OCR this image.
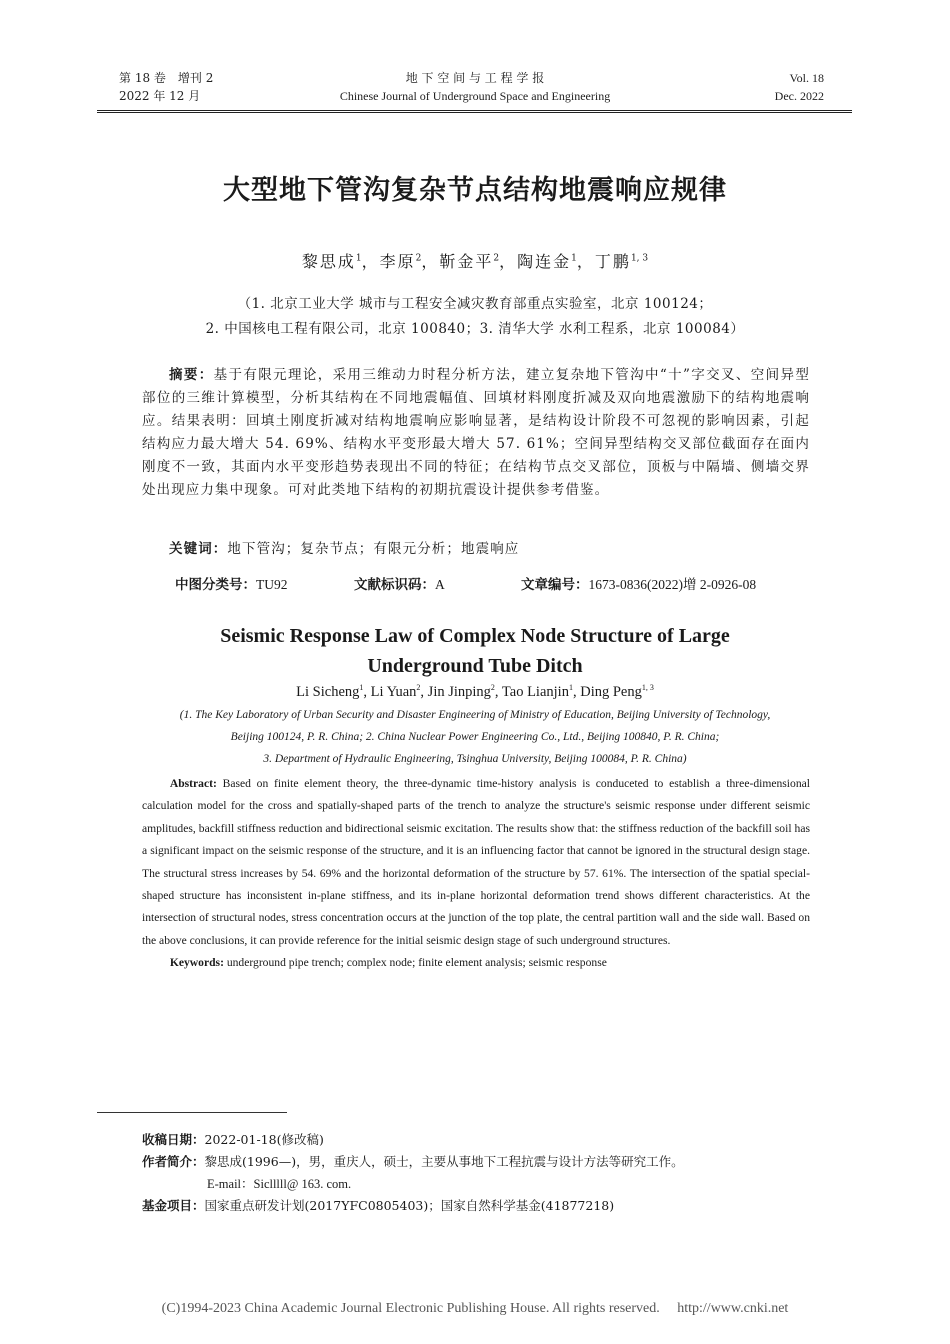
第 18 卷　增刊 2
2022 年 12 月
地 下 空 间 与 工 程 学 报
Chinese Journal of Underground Space and Engineering
Vol. 18
Dec. 2022
大型地下管沟复杂节点结构地震响应规律
黎思成$^1$，李原$^2$，靳金平$^2$，陶连金$^1$，丁鹏$^{1, 3}$
（1. 北京工业大学 城市与工程安全减灾教育部重点实验室，北京 100124；
2. 中国核电工程有限公司，北京 100840；3. 清华大学 水利工程系，北京 100084）

摘要：基于有限元理论，采用三维动力时程分析方法，建立复杂地下管沟中“十”字交叉、空间异型部位的三维计算模型，分析其结构在不同地震幅值、回填材料刚度折减及双向地震激励下的结构地震响应。结果表明：回填土刚度折减对结构地震响应影响显著，是结构设计阶段不可忽视的影响因素，引起结构应力最大增大 54. 69%、结构水平变形最大增大 57. 61%；空间异型结构交叉部位截面存在面内刚度不一致，其面内水平变形趋势表现出不同的特征；在结构节点交叉部位，顶板与中隔墙、侧墙交界处出现应力集中现象。可对此类地下结构的初期抗震设计提供参考借鉴。

关键词：地下管沟；复杂节点；有限元分析；地震响应

中图分类号：TU92	文献标识码：A	文章编号：1673-0836(2022)增 2-0926-08
Seismic Response Law of Complex Node Structure of Large Underground Tube Ditch
Li Sicheng$^1$, Li Yuan$^2$, Jin Jinping$^2$, Tao Lianjin$^1$, Ding Peng$^{1, 3}$
(1. The Key Laboratory of Urban Security and Disaster Engineering of Ministry of Education, Beijing University of Technology,
Beijing 100124, P. R. China; 2. China Nuclear Power Engineering Co., Ltd., Beijing 100840, P. R. China;
3. Department of Hydraulic Engineering, Tsinghua University, Beijing 100084, P. R. China)

Abstract: Based on finite element theory, the three-dynamic time-history analysis is conduceted to establish a three-dimensional calculation model for the cross and spatially-shaped parts of the trench to analyze the structure's seismic response under different seismic amplitudes, backfill stiffness reduction and bidirectional seismic excitation. The results show that: the stiffness reduction of the backfill soil has a significant impact on the seismic response of the structure, and it is an influencing factor that cannot be ignored in the structural design stage. The structural stress increases by 54. 69% and the horizontal deformation of the structure by 57. 61%. The intersection of the spatial special-shaped structure has inconsistent in-plane stiffness, and its in-plane horizontal deformation trend shows different characteristics. At the intersection of structural nodes, stress concentration occurs at the junction of the top plate, the central partition wall and the side wall. Based on the above conclusions, it can provide reference for the initial seismic design stage of such underground structures.

Keywords: underground pipe trench; complex node; finite element analysis; seismic response

收稿日期：2022-01-18(修改稿)
作者简介：黎思成(1996—)，男，重庆人，硕士，主要从事地下工程抗震与设计方法等研究工作。
E-mail：Siclllll@ 163. com.
基金项目：国家重点研发计划(2017YFC0805403)；国家自然科学基金(41877218)
(C)1994-2023 China Academic Journal Electronic Publishing House. All rights reserved.　 http://www.cnki.net
